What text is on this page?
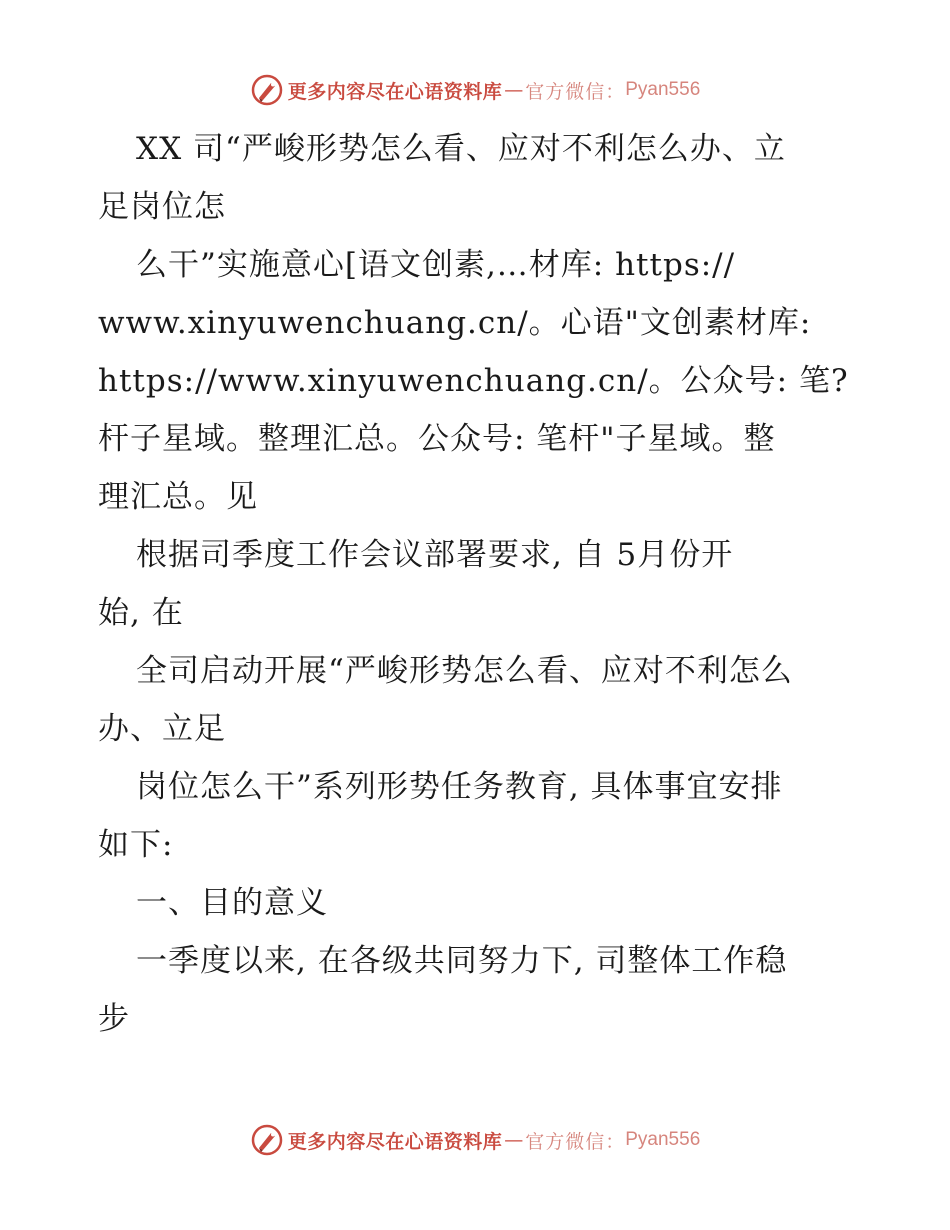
更多内容尽在心语资料库 — 官方微信： Pyan556
XX 司“严峻形势怎么看、应对不利怎么办、立
足岗位怎
么干”实施意心[语文创素,…材库: https://
www.xinyuwenchuang.cn/。心语"文创素材库:
https://www.xinyuwenchuang.cn/。公众号: 笔?
杆子星域。整理汇总。公众号: 笔杆"子星域。整
理汇总。见
根据司季度工作会议部署要求, 自 5月份开
始, 在
全司启动开展“严峻形势怎么看、应对不利怎么
办、立足
岗位怎么干”系列形势任务教育, 具体事宜安排
如下:
一、目的意义
一季度以来, 在各级共同努力下, 司整体工作稳
步
更多内容尽在心语资料库 — 官方微信： Pyan556
